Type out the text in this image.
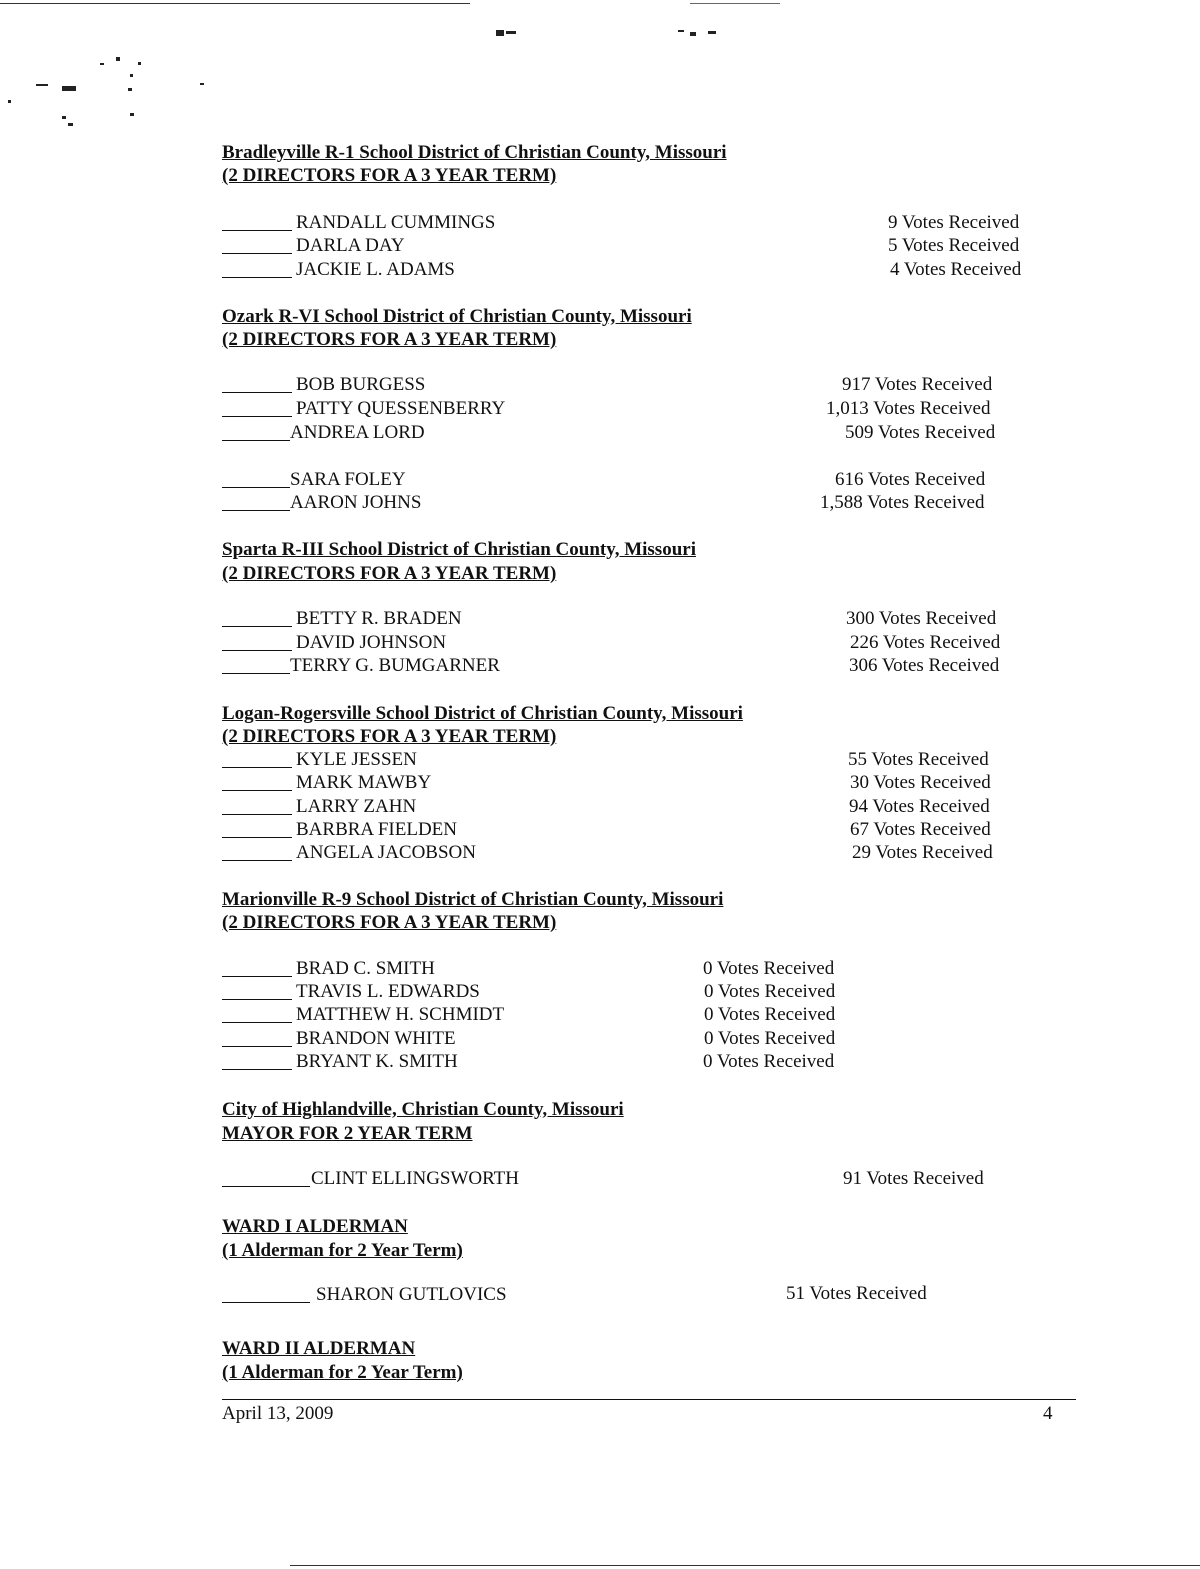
Bradleyville R-1 School District of Christian County, Missouri
(2 DIRECTORS FOR A 3 YEAR TERM)
RANDALL CUMMINGS	9 Votes Received
DARLA DAY	5 Votes Received
JACKIE L. ADAMS	4 Votes Received
Ozark R-VI School District of Christian County, Missouri
(2 DIRECTORS FOR A 3 YEAR TERM)
BOB BURGESS	917 Votes Received
PATTY QUESSENBERRY	1,013 Votes Received
ANDREA LORD	509 Votes Received
SARA FOLEY	616 Votes Received
AARON JOHNS	1,588 Votes Received
Sparta R-III School District of Christian County, Missouri
(2 DIRECTORS FOR A 3 YEAR TERM)
BETTY R. BRADEN	300 Votes Received
DAVID JOHNSON	226 Votes Received
TERRY G. BUMGARNER	306 Votes Received
Logan-Rogersville School District of Christian County, Missouri
(2 DIRECTORS FOR A 3 YEAR TERM)
KYLE JESSEN	55 Votes Received
MARK MAWBY	30 Votes Received
LARRY ZAHN	94 Votes Received
BARBRA FIELDEN	67 Votes Received
ANGELA JACOBSON	29 Votes Received
Marionville R-9 School District of Christian County, Missouri
(2 DIRECTORS FOR A 3 YEAR TERM)
BRAD C. SMITH	0 Votes Received
TRAVIS L. EDWARDS	0 Votes Received
MATTHEW H. SCHMIDT	0 Votes Received
BRANDON WHITE	0 Votes Received
BRYANT K. SMITH	0 Votes Received
City of Highlandville, Christian County, Missouri
MAYOR FOR 2 YEAR TERM
CLINT ELLINGSWORTH	91 Votes Received
WARD I ALDERMAN
(1 Alderman for 2 Year Term)
SHARON GUTLOVICS	51 Votes Received
WARD II ALDERMAN
(1 Alderman for 2 Year Term)
April 13, 2009	4
